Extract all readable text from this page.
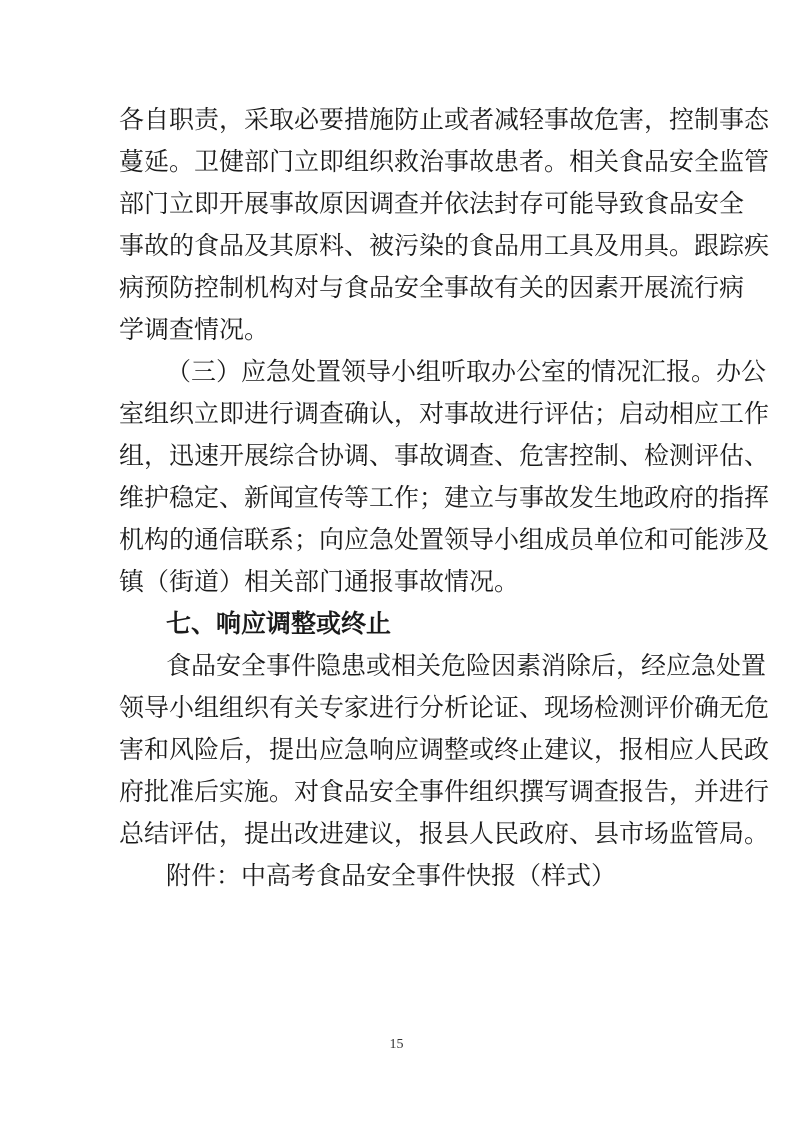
各自职责，采取必要措施防止或者减轻事故危害，控制事态
蔓延。卫健部门立即组织救治事故患者。相关食品安全监管
部门立即开展事故原因调查并依法封存可能导致食品安全
事故的食品及其原料、被污染的食品用工具及用具。跟踪疾
病预防控制机构对与食品安全事故有关的因素开展流行病
学调查情况。
（三）应急处置领导小组听取办公室的情况汇报。办公
室组织立即进行调查确认，对事故进行评估；启动相应工作
组，迅速开展综合协调、事故调查、危害控制、检测评估、
维护稳定、新闻宣传等工作；建立与事故发生地政府的指挥
机构的通信联系；向应急处置领导小组成员单位和可能涉及
镇（街道）相关部门通报事故情况。
七、响应调整或终止
食品安全事件隐患或相关危险因素消除后，经应急处置
领导小组组织有关专家进行分析论证、现场检测评价确无危
害和风险后，提出应急响应调整或终止建议，报相应人民政
府批准后实施。对食品安全事件组织撰写调查报告，并进行
总结评估，提出改进建议，报县人民政府、县市场监管局。
附件：中高考食品安全事件快报（样式）
15
